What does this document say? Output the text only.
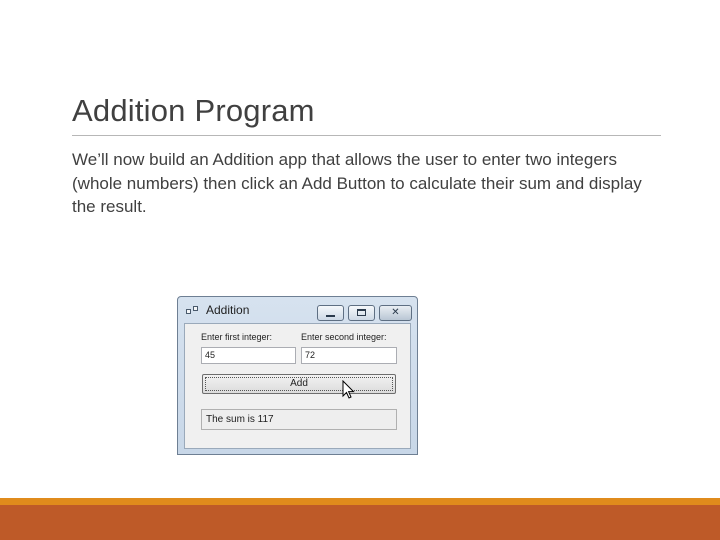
Addition Program
We’ll now build an Addition app that allows the user to enter two integers (whole numbers) then click an Add Button to calculate their sum and display the result.
Addition	✕
Enter first integer:
45
Enter second integer:
72
Add
The sum is 117
